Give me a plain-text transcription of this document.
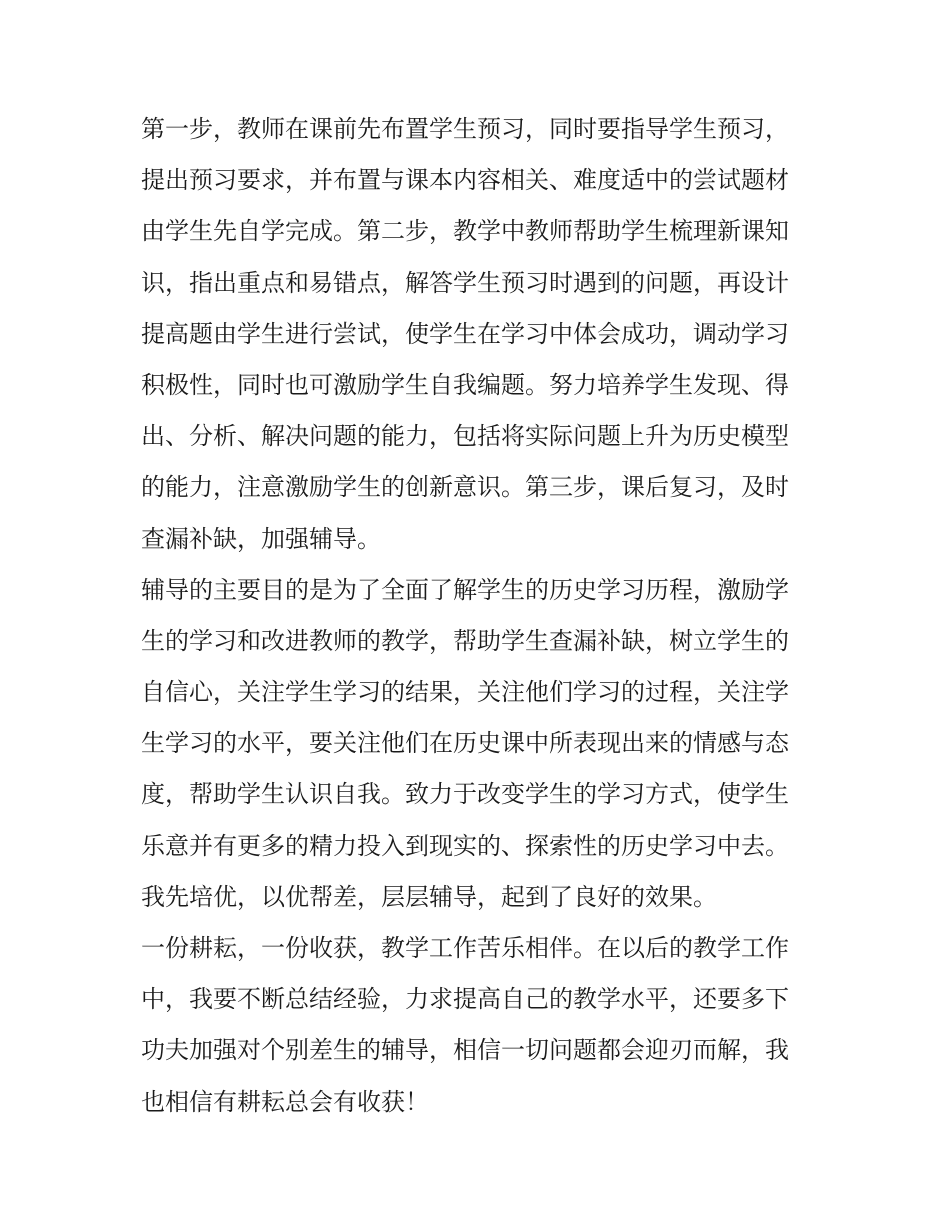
第一步，教师在课前先布置学生预习，同时要指导学生预习，
提出预习要求，并布置与课本内容相关、难度适中的尝试题材
由学生先自学完成。第二步，教学中教师帮助学生梳理新课知
识，指出重点和易错点，解答学生预习时遇到的问题，再设计
提高题由学生进行尝试，使学生在学习中体会成功，调动学习
积极性，同时也可激励学生自我编题。努力培养学生发现、得
出、分析、解决问题的能力，包括将实际问题上升为历史模型
的能力，注意激励学生的创新意识。第三步，课后复习，及时
查漏补缺，加强辅导。
辅导的主要目的是为了全面了解学生的历史学习历程，激励学
生的学习和改进教师的教学，帮助学生查漏补缺，树立学生的
自信心，关注学生学习的结果，关注他们学习的过程，关注学
生学习的水平，要关注他们在历史课中所表现出来的情感与态
度，帮助学生认识自我。致力于改变学生的学习方式，使学生
乐意并有更多的精力投入到现实的、探索性的历史学习中去。
我先培优，以优帮差，层层辅导，起到了良好的效果。
一份耕耘，一份收获，教学工作苦乐相伴。在以后的教学工作
中，我要不断总结经验，力求提高自己的教学水平，还要多下
功夫加强对个别差生的辅导，相信一切问题都会迎刃而解，我
也相信有耕耘总会有收获！
